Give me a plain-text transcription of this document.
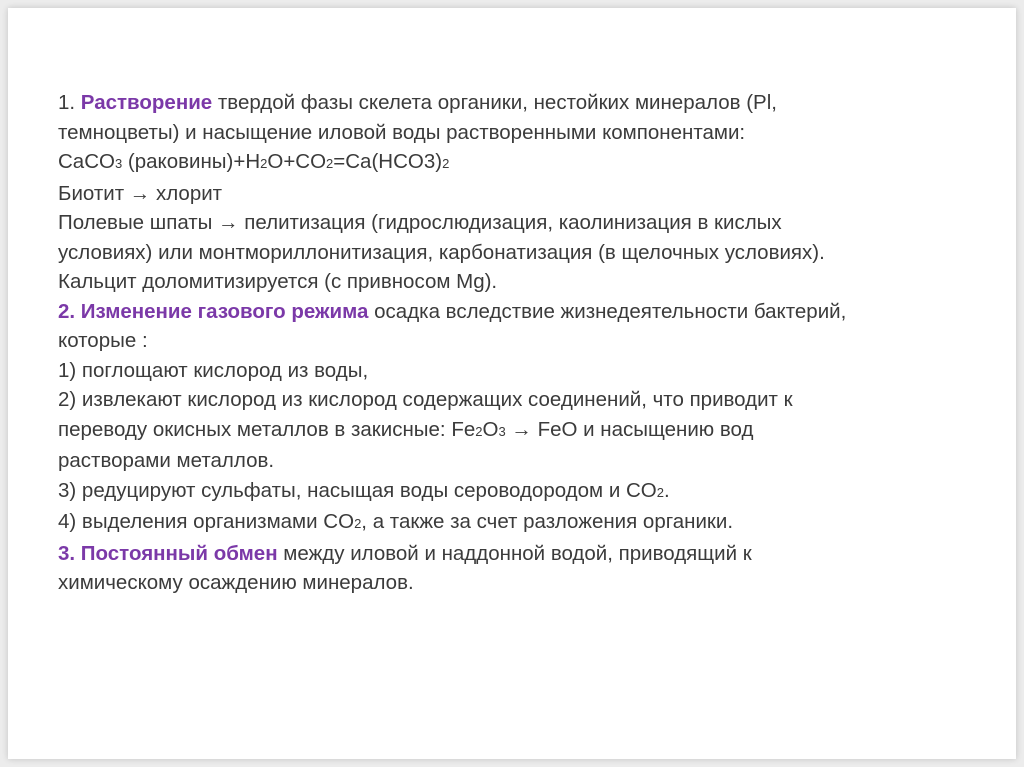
1. Растворение твердой фазы скелета органики, нестойких минералов (Pl,
темноцветы) и насыщение иловой воды растворенными компонентами:
CaCO3 (раковины)+H2O+CO2=Ca(HCO3)2
Биотит → хлорит
Полевые шпаты → пелитизация (гидрослюдизация, каолинизация в кислых
условиях) или монтмориллонитизация, карбонатизация (в щелочных условиях).
Кальцит доломитизируется (с привносом Mg).
2. Изменение газового режима осадка вследствие жизнедеятельности бактерий,
которые :
1) поглощают кислород из воды,
2) извлекают кислород из кислород содержащих соединений, что приводит к
переводу окисных металлов в закисные: Fe2O3 → FeO и насыщению вод
растворами металлов.
3) редуцируют сульфаты, насыщая воды сероводородом и CO2.
4) выделения организмами CO2, а также за счет разложения органики.
3. Постоянный обмен между иловой и наддонной водой, приводящий к
химическому осаждению минералов.
